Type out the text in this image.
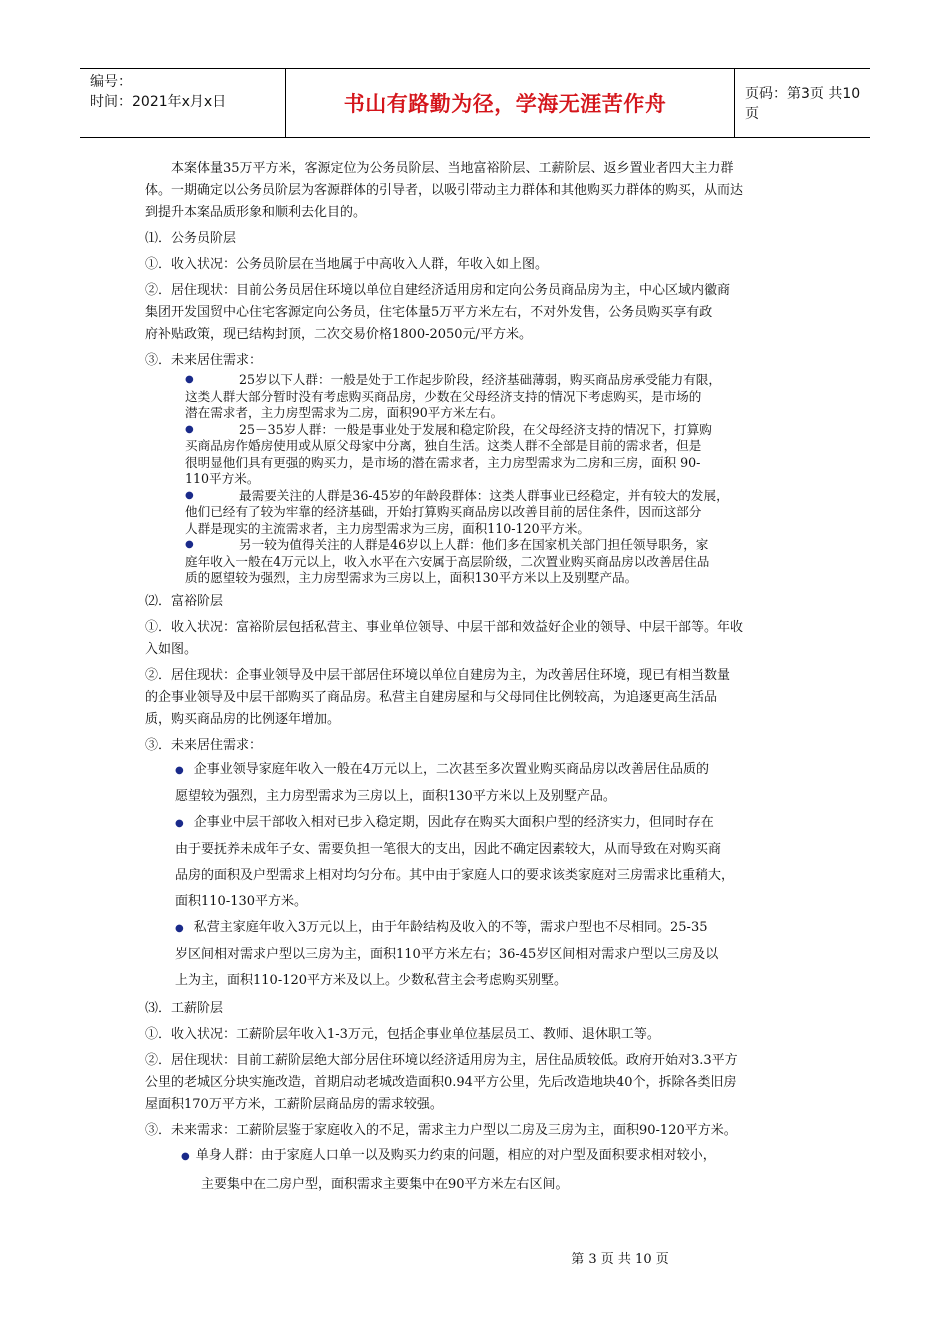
编号：
时间：2021年x月x日	书山有路勤为径，学海无涯苦作舟	页码：第3页 共10页

本案体量35万平方米，客源定位为公务员阶层、当地富裕阶层、工薪阶层、返乡置业者四大主力群

体。一期确定以公务员阶层为客源群体的引导者，以吸引带动主力群体和其他购买力群体的购买，从而达

到提升本案品质形象和顺利去化目的。

⑴．公务员阶层

①．收入状况：公务员阶层在当地属于中高收入人群，年收入如上图。

②．居住现状：目前公务员居住环境以单位自建经济适用房和定向公务员商品房为主，中心区域内徽商

集团开发国贸中心住宅客源定向公务员，住宅体量5万平方米左右，不对外发售，公务员购买享有政

府补贴政策，现已结构封顶，二次交易价格1800-2050元/平方米。

③．未来居住需求：

●	25岁以下人群：一般是处于工作起步阶段，经济基础薄弱，购买商品房承受能力有限，
这类人群大部分暂时没有考虑购买商品房，少数在父母经济支持的情况下考虑购买，是市场的
潜在需求者，主力房型需求为二房，面积90平方米左右。
●	25－35岁人群：一般是事业处于发展和稳定阶段，在父母经济支持的情况下，打算购
买商品房作婚房使用或从原父母家中分离，独自生活。这类人群不全部是目前的需求者，但是
很明显他们具有更强的购买力，是市场的潜在需求者，主力房型需求为二房和三房，面积 90-
110平方米。
●	最需要关注的人群是36-45岁的年龄段群体：这类人群事业已经稳定，并有较大的发展，
他们已经有了较为牢靠的经济基础，开始打算购买商品房以改善目前的居住条件，因而这部分
人群是现实的主流需求者，主力房型需求为三房，面积110-120平方米。
●	另一较为值得关注的人群是46岁以上人群：他们多在国家机关部门担任领导职务，家
庭年收入一般在4万元以上，收入水平在六安属于高层阶级，二次置业购买商品房以改善居住品
质的愿望较为强烈，主力房型需求为三房以上，面积130平方米以上及别墅产品。

⑵．富裕阶层

①．收入状况：富裕阶层包括私营主、事业单位领导、中层干部和效益好企业的领导、中层干部等。年收

入如图。

②．居住现状：企事业领导及中层干部居住环境以单位自建房为主，为改善居住环境，现已有相当数量

的企事业领导及中层干部购买了商品房。私营主自建房屋和与父母同住比例较高，为追逐更高生活品

质，购买商品房的比例逐年增加。

③．未来居住需求：

● 企事业领导家庭年收入一般在4万元以上，二次甚至多次置业购买商品房以改善居住品质的
愿望较为强烈，主力房型需求为三房以上，面积130平方米以上及别墅产品。
● 企事业中层干部收入相对已步入稳定期，因此存在购买大面积户型的经济实力，但同时存在
由于要抚养未成年子女、需要负担一笔很大的支出，因此不确定因素较大，从而导致在对购买商
品房的面积及户型需求上相对均匀分布。其中由于家庭人口的要求该类家庭对三房需求比重稍大，
面积110-130平方米。
● 私营主家庭年收入3万元以上，由于年龄结构及收入的不等，需求户型也不尽相同。25-35
岁区间相对需求户型以三房为主，面积110平方米左右；36-45岁区间相对需求户型以三房及以
上为主，面积110-120平方米及以上。少数私营主会考虑购买别墅。

⑶．工薪阶层

①．收入状况：工薪阶层年收入1-3万元，包括企事业单位基层员工、教师、退休职工等。

②．居住现状：目前工薪阶层绝大部分居住环境以经济适用房为主，居住品质较低。政府开始对3.3平方

公里的老城区分块实施改造，首期启动老城改造面积0.94平方公里，先后改造地块40个，拆除各类旧房

屋面积170万平方米，工薪阶层商品房的需求较强。

③．未来需求：工薪阶层鉴于家庭收入的不足，需求主力户型以二房及三房为主，面积90-120平方米。

● 单身人群：由于家庭人口单一以及购买力约束的问题，相应的对户型及面积要求相对较小，
主要集中在二房户型，面积需求主要集中在90平方米左右区间。
第 3 页 共 10 页
